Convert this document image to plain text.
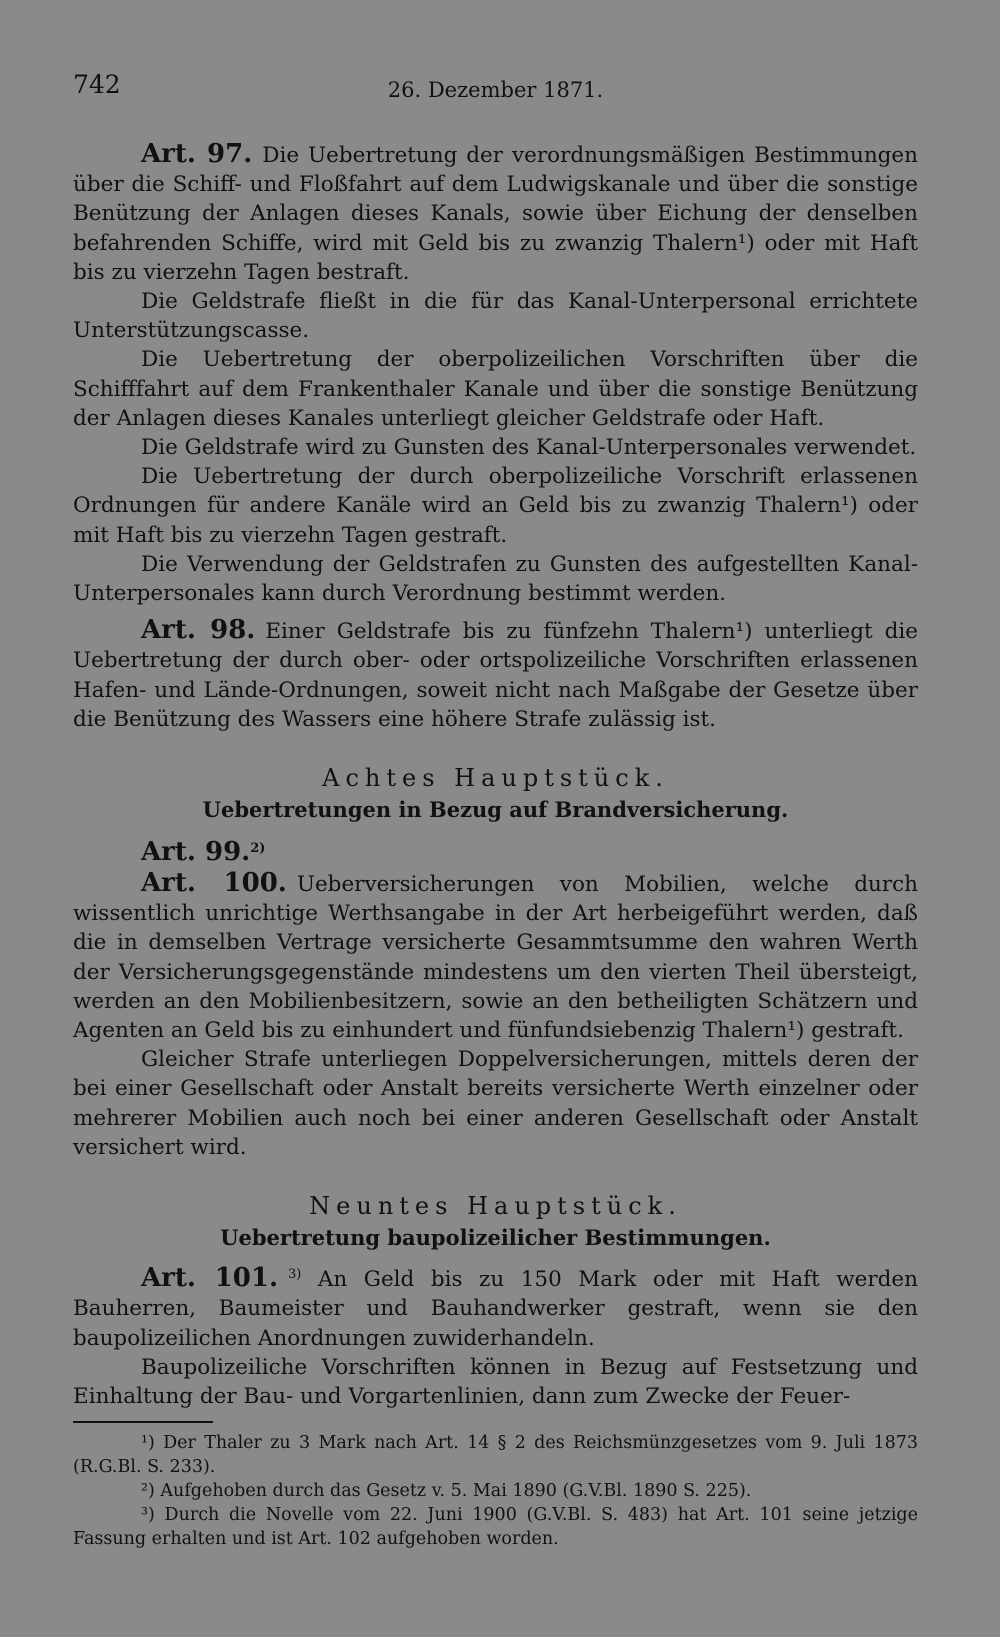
742	26. Dezember 1871.

Art. 97. Die Uebertretung der verordnungsmäßigen Bestimmungen über die Schiff- und Floßfahrt auf dem Ludwigskanale und über die sonstige Benützung der Anlagen dieses Kanals, sowie über Eichung der denselben befahrenden Schiffe, wird mit Geld bis zu zwanzig Thalern¹) oder mit Haft bis zu vierzehn Tagen bestraft.

Die Geldstrafe fließt in die für das Kanal-Unterpersonal errichtete Unterstützungscasse.

Die Uebertretung der oberpolizeilichen Vorschriften über die Schifffahrt auf dem Frankenthaler Kanale und über die sonstige Benützung der Anlagen dieses Kanales unterliegt gleicher Geldstrafe oder Haft.

Die Geldstrafe wird zu Gunsten des Kanal-Unterpersonales verwendet.

Die Uebertretung der durch oberpolizeiliche Vorschrift erlassenen Ordnungen für andere Kanäle wird an Geld bis zu zwanzig Thalern¹) oder mit Haft bis zu vierzehn Tagen gestraft.

Die Verwendung der Geldstrafen zu Gunsten des aufgestellten Kanal-Unterpersonales kann durch Verordnung bestimmt werden.

Art. 98. Einer Geldstrafe bis zu fünfzehn Thalern¹) unterliegt die Uebertretung der durch ober- oder ortspolizeiliche Vorschriften erlassenen Hafen- und Lände-Ordnungen, soweit nicht nach Maßgabe der Gesetze über die Benützung des Wassers eine höhere Strafe zulässig ist.

Achtes Hauptstück.
Uebertretungen in Bezug auf Brandversicherung.
Art. 99.$^{2)}$

Art. 100. Ueberversicherungen von Mobilien, welche durch wissentlich unrichtige Werthsangabe in der Art herbeigeführt werden, daß die in demselben Vertrage versicherte Gesammtsumme den wahren Werth der Versicherungsgegenstände mindestens um den vierten Theil übersteigt, werden an den Mobilienbesitzern, sowie an den betheiligten Schätzern und Agenten an Geld bis zu einhundert und fünfundsiebenzig Thalern¹) gestraft.

Gleicher Strafe unterliegen Doppelversicherungen, mittels deren der bei einer Gesellschaft oder Anstalt bereits versicherte Werth einzelner oder mehrerer Mobilien auch noch bei einer anderen Gesellschaft oder Anstalt versichert wird.

Neuntes Hauptstück.
Uebertretung baupolizeilicher Bestimmungen.

Art. 101. $^{3)}$ An Geld bis zu 150 Mark oder mit Haft werden Bauherren, Baumeister und Bauhandwerker gestraft, wenn sie den baupolizeilichen Anordnungen zuwiderhandeln.

Baupolizeiliche Vorschriften können in Bezug auf Festsetzung und Einhaltung der Bau- und Vorgartenlinien, dann zum Zwecke der Feuer-

¹) Der Thaler zu 3 Mark nach Art. 14 § 2 des Reichsmünzgesetzes vom 9. Juli 1873 (R.G.Bl. S. 233).

²) Aufgehoben durch das Gesetz v. 5. Mai 1890 (G.V.Bl. 1890 S. 225).

³) Durch die Novelle vom 22. Juni 1900 (G.V.Bl. S. 483) hat Art. 101 seine jetzige Fassung erhalten und ist Art. 102 aufgehoben worden.
